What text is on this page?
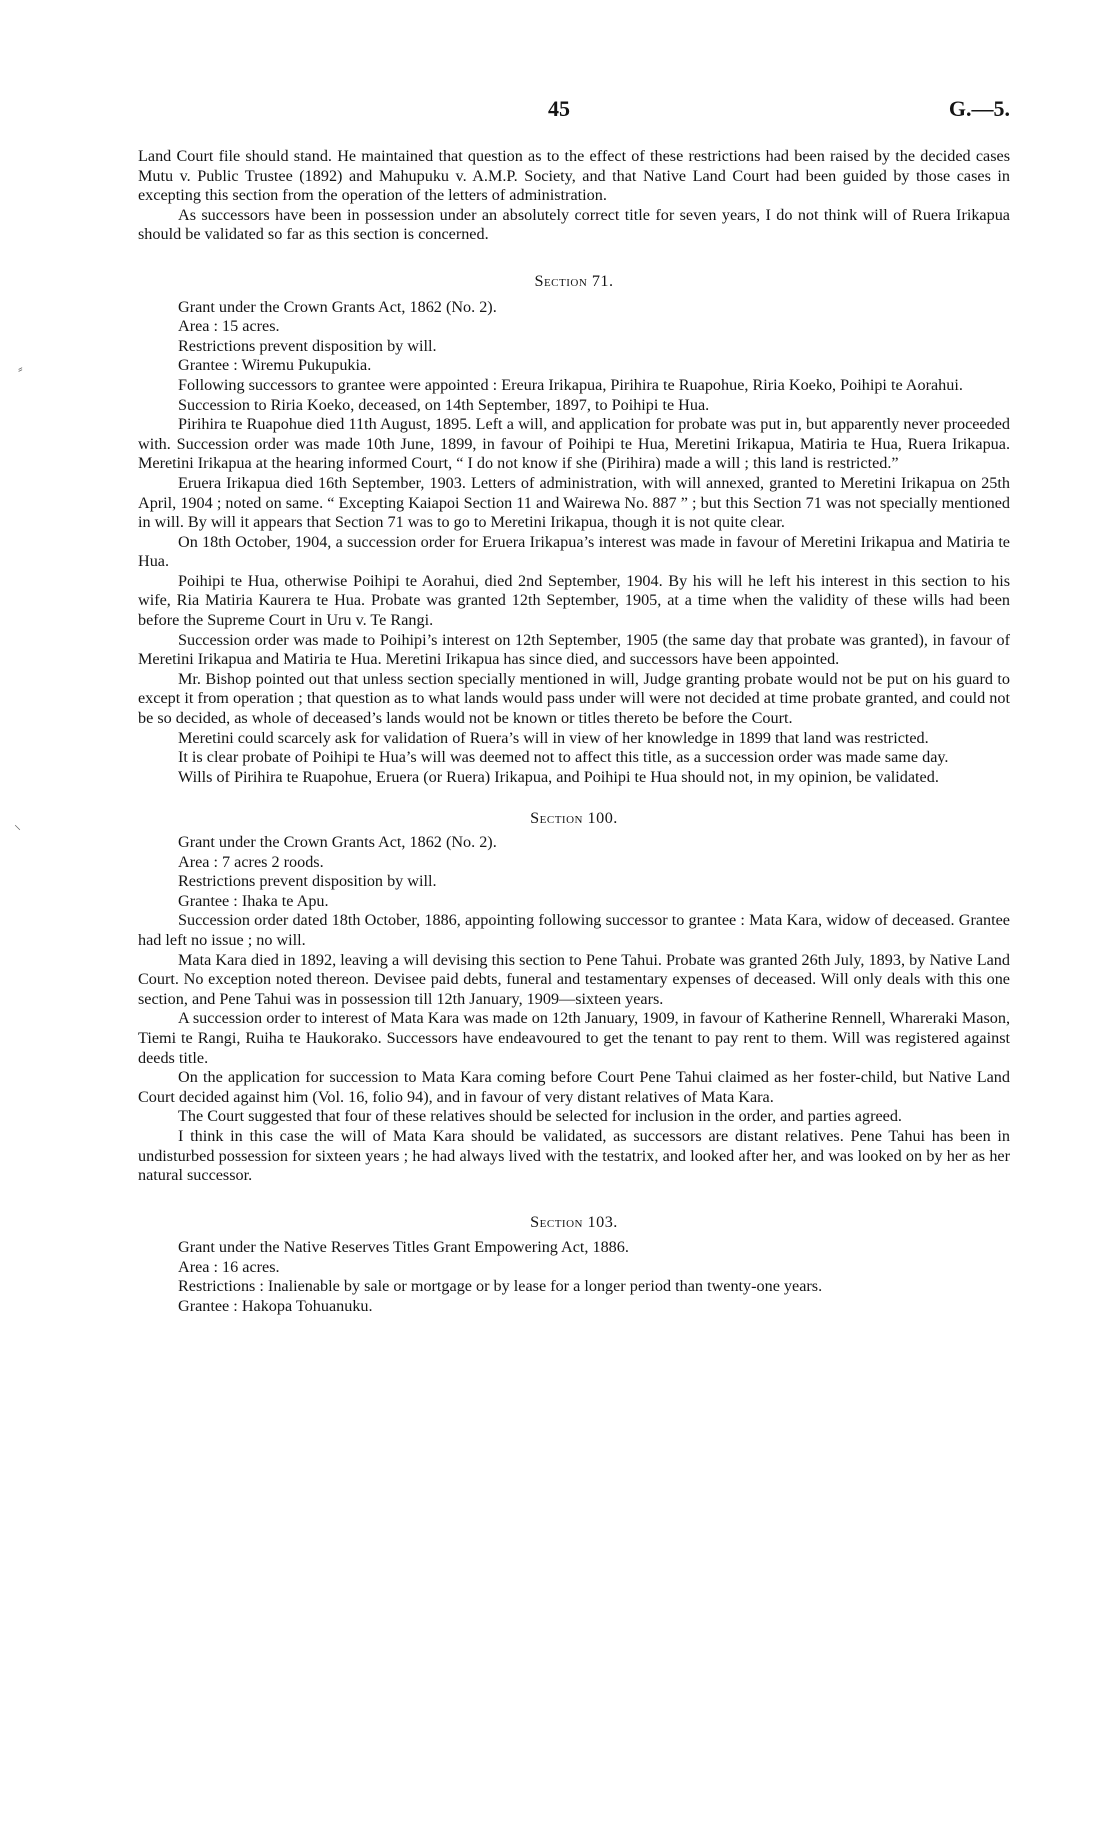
45	G.—5.
⸗
⸜

Land Court file should stand. He maintained that question as to the effect of these restrictions had been raised by the decided cases Mutu v. Public Trustee (1892) and Mahupuku v. A.M.P. Society, and that Native Land Court had been guided by those cases in excepting this section from the operation of the letters of administration.

As successors have been in possession under an absolutely correct title for seven years, I do not think will of Ruera Irikapua should be validated so far as this section is concerned.

Section 71.

Grant under the Crown Grants Act, 1862 (No. 2).

Area : 15 acres.

Restrictions prevent disposition by will.

Grantee : Wiremu Pukupukia.

Following successors to grantee were appointed : Ereura Irikapua, Pirihira te Ruapohue, Riria Koeko, Poihipi te Aorahui.

Succession to Riria Koeko, deceased, on 14th September, 1897, to Poihipi te Hua.

Pirihira te Ruapohue died 11th August, 1895. Left a will, and application for probate was put in, but apparently never proceeded with. Succession order was made 10th June, 1899, in favour of Poihipi te Hua, Meretini Irikapua, Matiria te Hua, Ruera Irikapua. Meretini Irikapua at the hearing informed Court, “ I do not know if she (Pirihira) made a will ; this land is restricted.”

Eruera Irikapua died 16th September, 1903. Letters of administration, with will annexed, granted to Meretini Irikapua on 25th April, 1904 ; noted on same. “ Excepting Kaiapoi Section 11 and Wairewa No. 887 ” ; but this Section 71 was not specially mentioned in will. By will it appears that Section 71 was to go to Meretini Irikapua, though it is not quite clear.

On 18th October, 1904, a succession order for Eruera Irikapua’s interest was made in favour of Meretini Irikapua and Matiria te Hua.

Poihipi te Hua, otherwise Poihipi te Aorahui, died 2nd September, 1904. By his will he left his interest in this section to his wife, Ria Matiria Kaurera te Hua. Probate was granted 12th September, 1905, at a time when the validity of these wills had been before the Supreme Court in Uru v. Te Rangi.

Succession order was made to Poihipi’s interest on 12th September, 1905 (the same day that probate was granted), in favour of Meretini Irikapua and Matiria te Hua. Meretini Irikapua has since died, and successors have been appointed.

Mr. Bishop pointed out that unless section specially mentioned in will, Judge granting probate would not be put on his guard to except it from operation ; that question as to what lands would pass under will were not decided at time probate granted, and could not be so decided, as whole of deceased’s lands would not be known or titles thereto be before the Court.

Meretini could scarcely ask for validation of Ruera’s will in view of her knowledge in 1899 that land was restricted.

It is clear probate of Poihipi te Hua’s will was deemed not to affect this title, as a succession order was made same day.

Wills of Pirihira te Ruapohue, Eruera (or Ruera) Irikapua, and Poihipi te Hua should not, in my opinion, be validated.

Section 100.

Grant under the Crown Grants Act, 1862 (No. 2).

Area : 7 acres 2 roods.

Restrictions prevent disposition by will.

Grantee : Ihaka te Apu.

Succession order dated 18th October, 1886, appointing following successor to grantee : Mata Kara, widow of deceased. Grantee had left no issue ; no will.

Mata Kara died in 1892, leaving a will devising this section to Pene Tahui. Probate was granted 26th July, 1893, by Native Land Court. No exception noted thereon. Devisee paid debts, funeral and testamentary expenses of deceased. Will only deals with this one section, and Pene Tahui was in possession till 12th January, 1909—sixteen years.

A succession order to interest of Mata Kara was made on 12th January, 1909, in favour of Katherine Rennell, Whareraki Mason, Tiemi te Rangi, Ruiha te Haukorako. Successors have endeavoured to get the tenant to pay rent to them. Will was registered against deeds title.

On the application for succession to Mata Kara coming before Court Pene Tahui claimed as her foster-child, but Native Land Court decided against him (Vol. 16, folio 94), and in favour of very distant relatives of Mata Kara.

The Court suggested that four of these relatives should be selected for inclusion in the order, and parties agreed.

I think in this case the will of Mata Kara should be validated, as successors are distant relatives. Pene Tahui has been in undisturbed possession for sixteen years ; he had always lived with the testatrix, and looked after her, and was looked on by her as her natural successor.

Section 103.

Grant under the Native Reserves Titles Grant Empowering Act, 1886.

Area : 16 acres.

Restrictions : Inalienable by sale or mortgage or by lease for a longer period than twenty-one years.

Grantee : Hakopa Tohuanuku.
